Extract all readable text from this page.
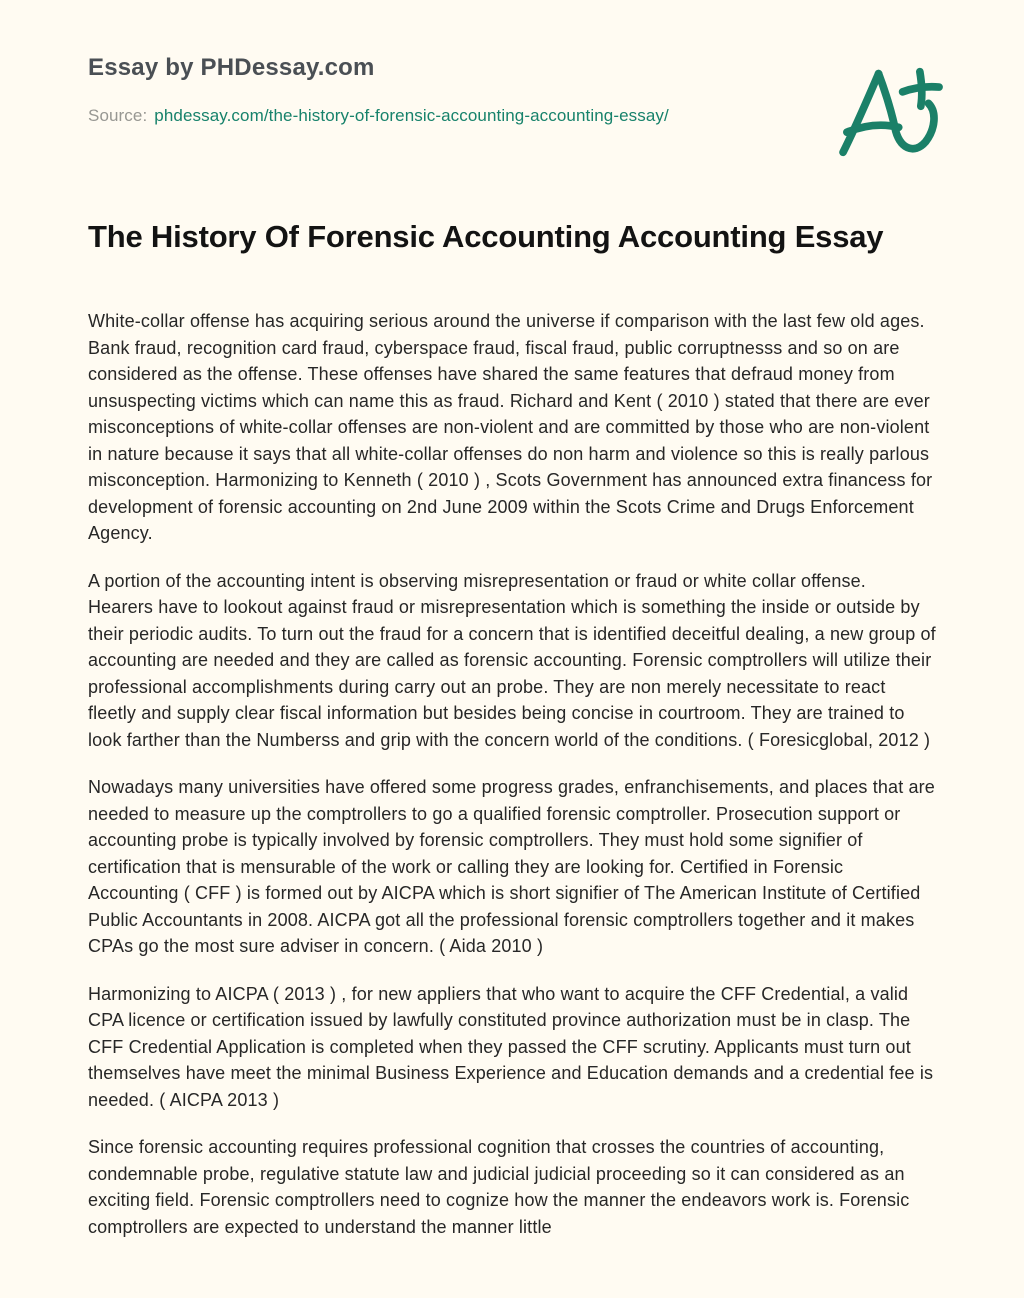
Essay by PHDessay.com
Source: phdessay.com/the-history-of-forensic-accounting-accounting-essay/
The History Of Forensic Accounting Accounting Essay

White-collar offense has acquiring serious around the universe if comparison with the last few old ages. Bank fraud, recognition card fraud, cyberspace fraud, fiscal fraud, public corruptnesss and so on are considered as the offense. These offenses have shared the same features that defraud money from unsuspecting victims which can name this as fraud. Richard and Kent ( 2010 ) stated that there are ever misconceptions of white-collar offenses are non-violent and are committed by those who are non-violent in nature because it says that all white-collar offenses do non harm and violence so this is really parlous misconception. Harmonizing to Kenneth ( 2010 ) , Scots Government has announced extra financess for development of forensic accounting on 2nd June 2009 within the Scots Crime and Drugs Enforcement Agency.

A portion of the accounting intent is observing misrepresentation or fraud or white collar offense. Hearers have to lookout against fraud or misrepresentation which is something the inside or outside by their periodic audits. To turn out the fraud for a concern that is identified deceitful dealing, a new group of accounting are needed and they are called as forensic accounting. Forensic comptrollers will utilize their professional accomplishments during carry out an probe. They are non merely necessitate to react fleetly and supply clear fiscal information but besides being concise in courtroom. They are trained to look farther than the Numberss and grip with the concern world of the conditions. ( Foresicglobal, 2012 )

Nowadays many universities have offered some progress grades, enfranchisements, and places that are needed to measure up the comptrollers to go a qualified forensic comptroller. Prosecution support or accounting probe is typically involved by forensic comptrollers. They must hold some signifier of certification that is mensurable of the work or calling they are looking for. Certified in Forensic Accounting ( CFF ) is formed out by AICPA which is short signifier of The American Institute of Certified Public Accountants in 2008. AICPA got all the professional forensic comptrollers together and it makes CPAs go the most sure adviser in concern. ( Aida 2010 )

Harmonizing to AICPA ( 2013 ) , for new appliers that who want to acquire the CFF Credential, a valid CPA licence or certification issued by lawfully constituted province authorization must be in clasp. The CFF Credential Application is completed when they passed the CFF scrutiny. Applicants must turn out themselves have meet the minimal Business Experience and Education demands and a credential fee is needed. ( AICPA 2013 )

Since forensic accounting requires professional cognition that crosses the countries of accounting, condemnable probe, regulative statute law and judicial judicial proceeding so it can considered as an exciting field. Forensic comptrollers need to cognize how the manner the endeavors work is. Forensic comptrollers are expected to understand the manner little
